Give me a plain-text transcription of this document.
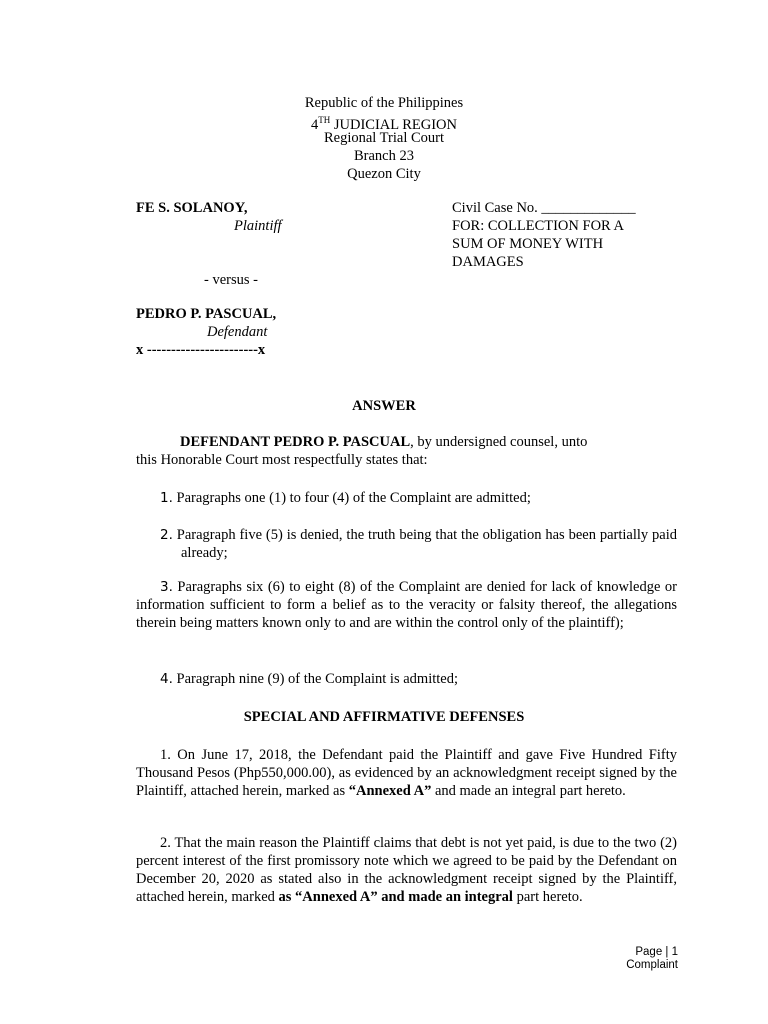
Republic of the Philippines
4TH JUDICIAL REGION
Regional Trial Court
Branch 23
Quezon City
FE S. SOLANOY,
Plaintiff
- versus -
PEDRO P. PASCUAL,
Defendant
x -----------------------x
Civil Case No. _____________
FOR: COLLECTION FOR A
SUM OF MONEY WITH
DAMAGES
ANSWER
DEFENDANT PEDRO P. PASCUAL, by undersigned counsel, unto
this Honorable Court most respectfully states that:
1. Paragraphs one (1) to four (4) of the Complaint are admitted;
2. Paragraph five (5) is denied, the truth being that the obligation has been partially paid already;
3. Paragraphs six (6) to eight (8) of the Complaint are denied for lack of knowledge or information sufficient to form a belief as to the veracity or falsity thereof, the allegations therein being matters known only to and are within the control only of the plaintiff);
4. Paragraph nine (9) of the Complaint is admitted;
SPECIAL AND AFFIRMATIVE DEFENSES
1. On June 17, 2018, the Defendant paid the Plaintiff and gave Five Hundred Fifty Thousand Pesos (Php550,000.00), as evidenced by an acknowledgment receipt signed by the Plaintiff, attached herein, marked as “Annexed A” and made an integral part hereto.
2. That the main reason the Plaintiff claims that debt is not yet paid, is due to the two (2) percent interest of the first promissory note which we agreed to be paid by the Defendant on December 20, 2020 as stated also in the acknowledgment receipt signed by the Plaintiff, attached herein, marked as “Annexed A” and made an integral part hereto.
Page | 1
Complaint
